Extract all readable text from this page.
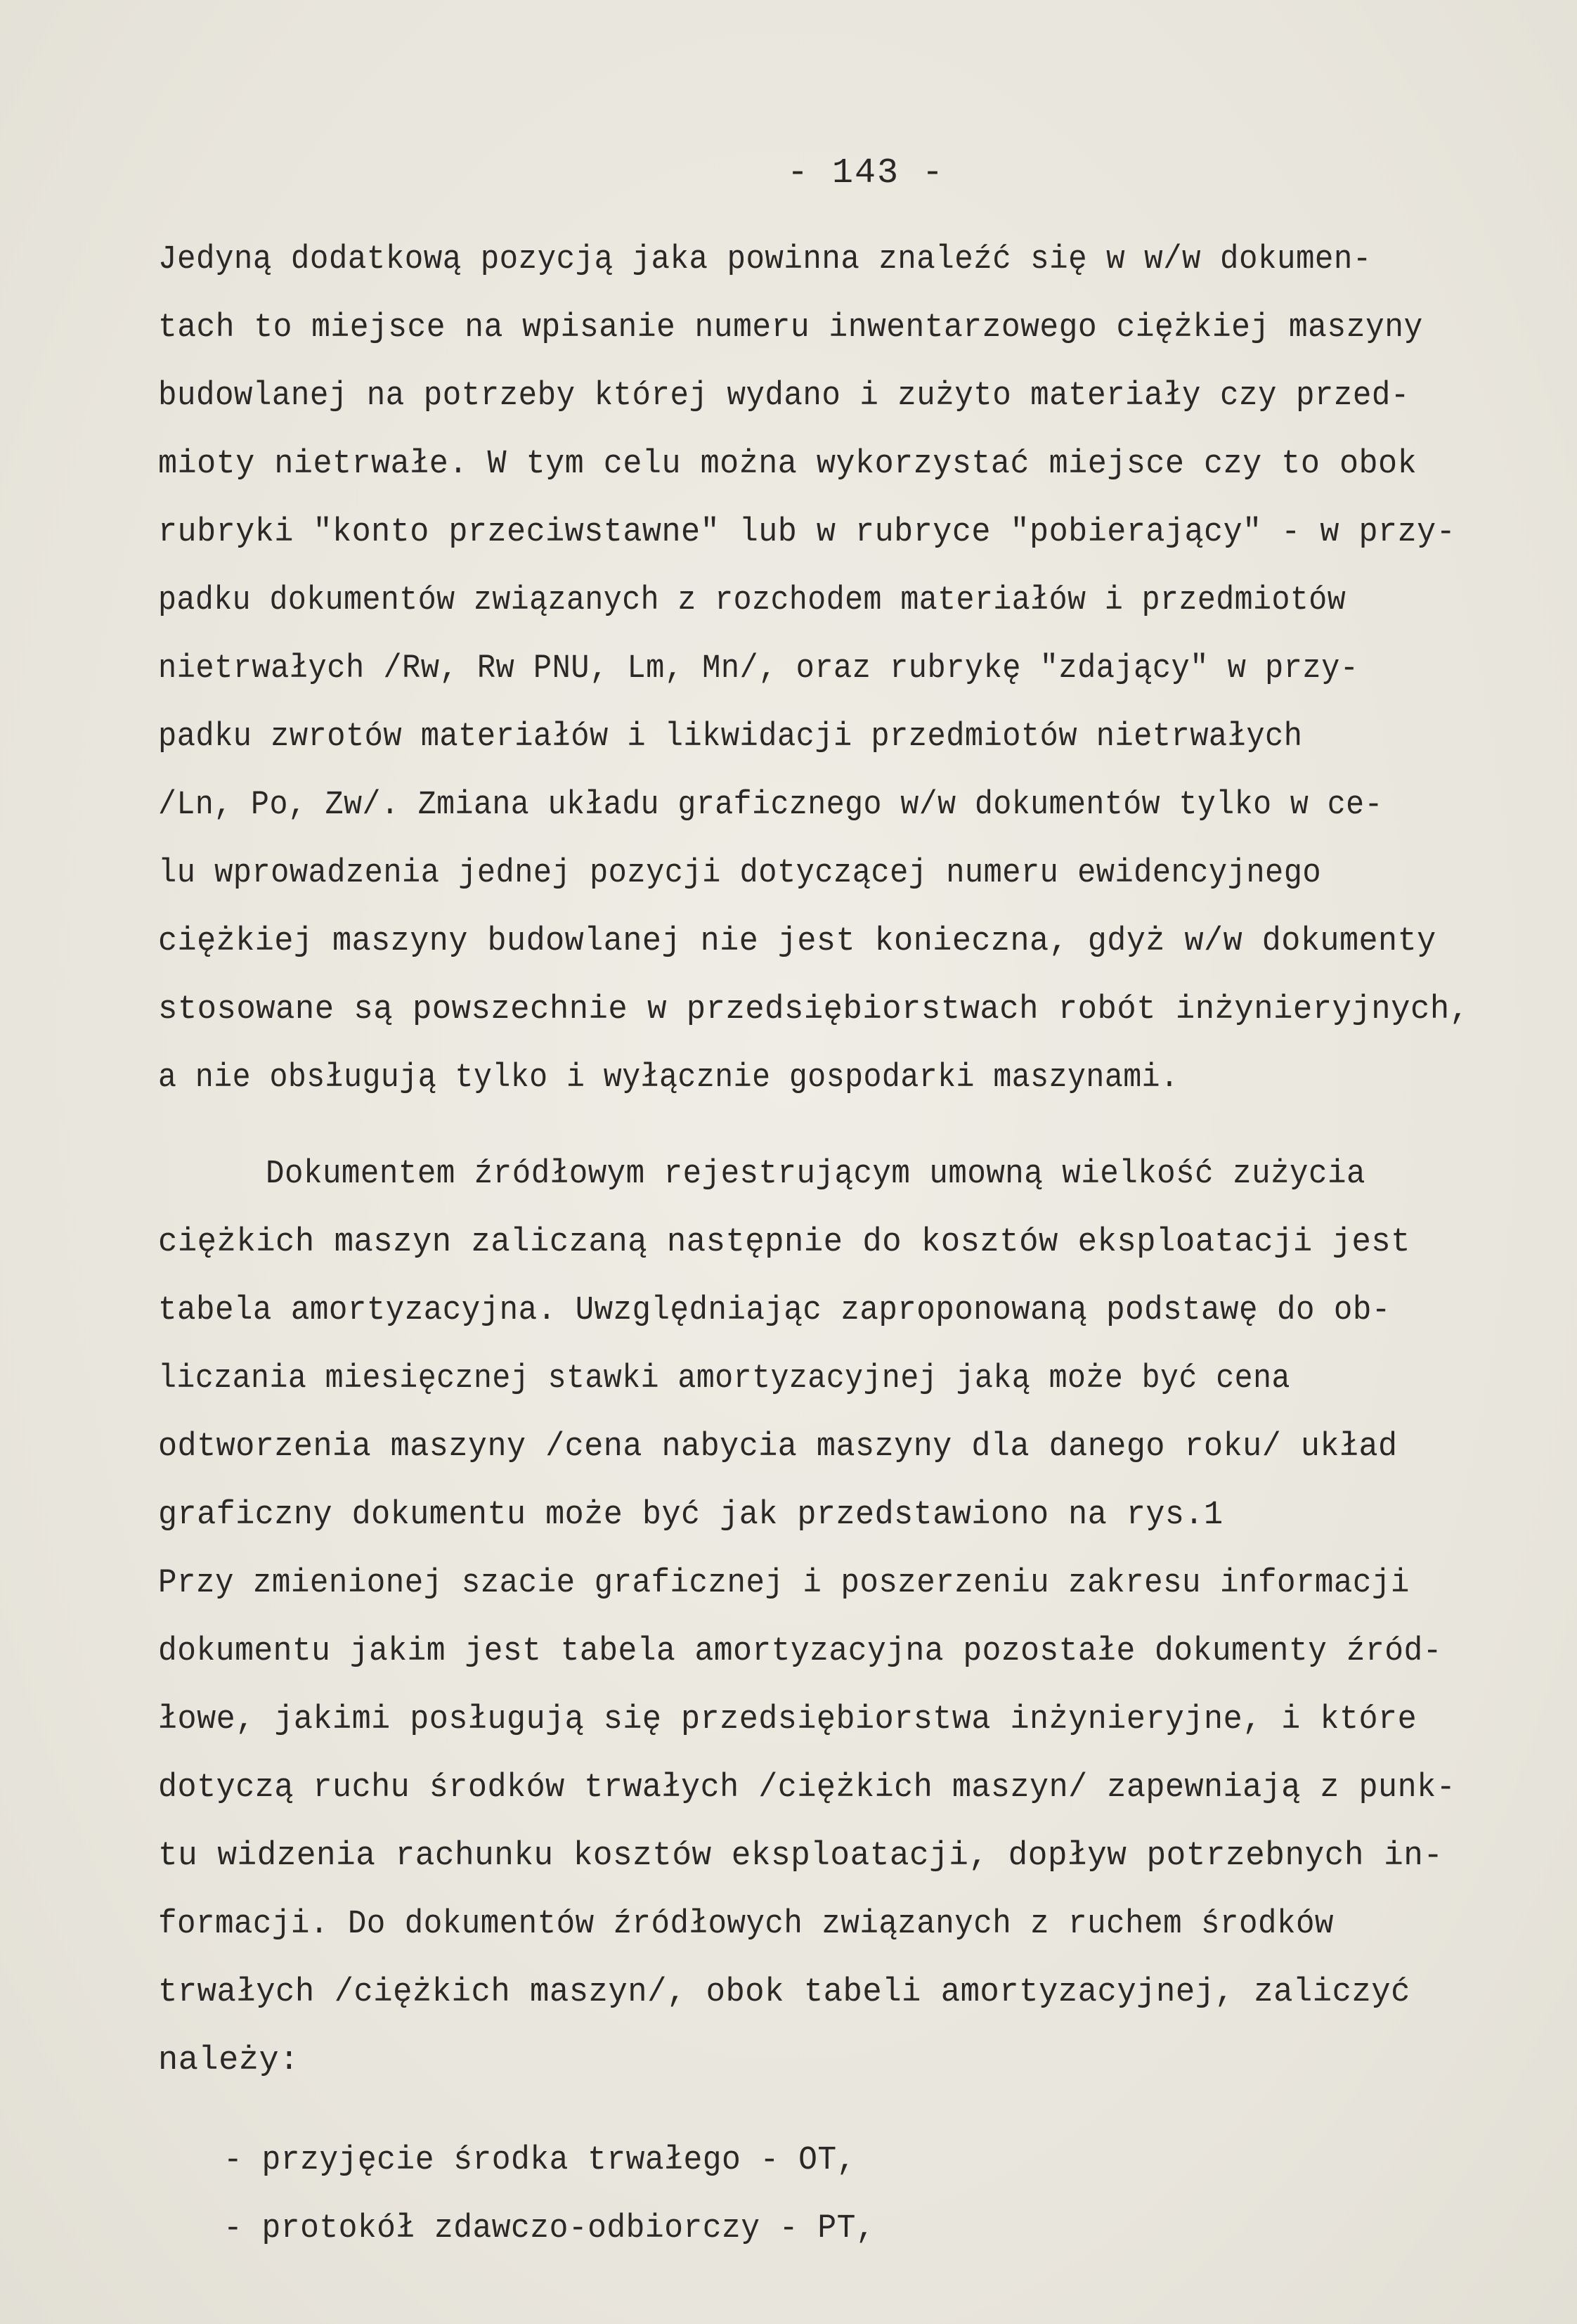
- 143 -
Jedyną dodatkową pozycją jaka powinna znaleźć się w w/w dokumen-
tach to miejsce na wpisanie numeru inwentarzowego ciężkiej maszyny
budowlanej na potrzeby której wydano i zużyto materiały czy przed-
mioty nietrwałe. W tym celu można wykorzystać miejsce czy to obok
rubryki "konto przeciwstawne" lub w rubryce "pobierający" - w przy-
padku dokumentów związanych z rozchodem materiałów i przedmiotów
nietrwałych /Rw, Rw PNU, Lm, Mn/, oraz rubrykę "zdający" w przy-
padku zwrotów materiałów i likwidacji przedmiotów nietrwałych
/Ln, Po, Zw/. Zmiana układu graficznego w/w dokumentów tylko w ce-
lu wprowadzenia jednej pozycji dotyczącej numeru ewidencyjnego
ciężkiej maszyny budowlanej nie jest konieczna, gdyż w/w dokumenty
stosowane są powszechnie w przedsiębiorstwach robót inżynieryjnych,
a nie obsługują tylko i wyłącznie gospodarki maszynami.
Dokumentem źródłowym rejestrującym umowną wielkość zużycia
ciężkich maszyn zaliczaną następnie do kosztów eksploatacji jest
tabela amortyzacyjna. Uwzględniając zaproponowaną podstawę do ob-
liczania miesięcznej stawki amortyzacyjnej jaką może być cena
odtworzenia maszyny /cena nabycia maszyny dla danego roku/ układ
graficzny dokumentu może być jak przedstawiono na rys.1
Przy zmienionej szacie graficznej i poszerzeniu zakresu informacji
dokumentu jakim jest tabela amortyzacyjna pozostałe dokumenty źród-
łowe, jakimi posługują się przedsiębiorstwa inżynieryjne, i które
dotyczą ruchu środków trwałych /ciężkich maszyn/ zapewniają z punk-
tu widzenia rachunku kosztów eksploatacji, dopływ potrzebnych in-
formacji. Do dokumentów źródłowych związanych z ruchem środków
trwałych /ciężkich maszyn/, obok tabeli amortyzacyjnej, zaliczyć
należy:
- przyjęcie środka trwałego - OT,
- protokół zdawczo-odbiorczy - PT,
